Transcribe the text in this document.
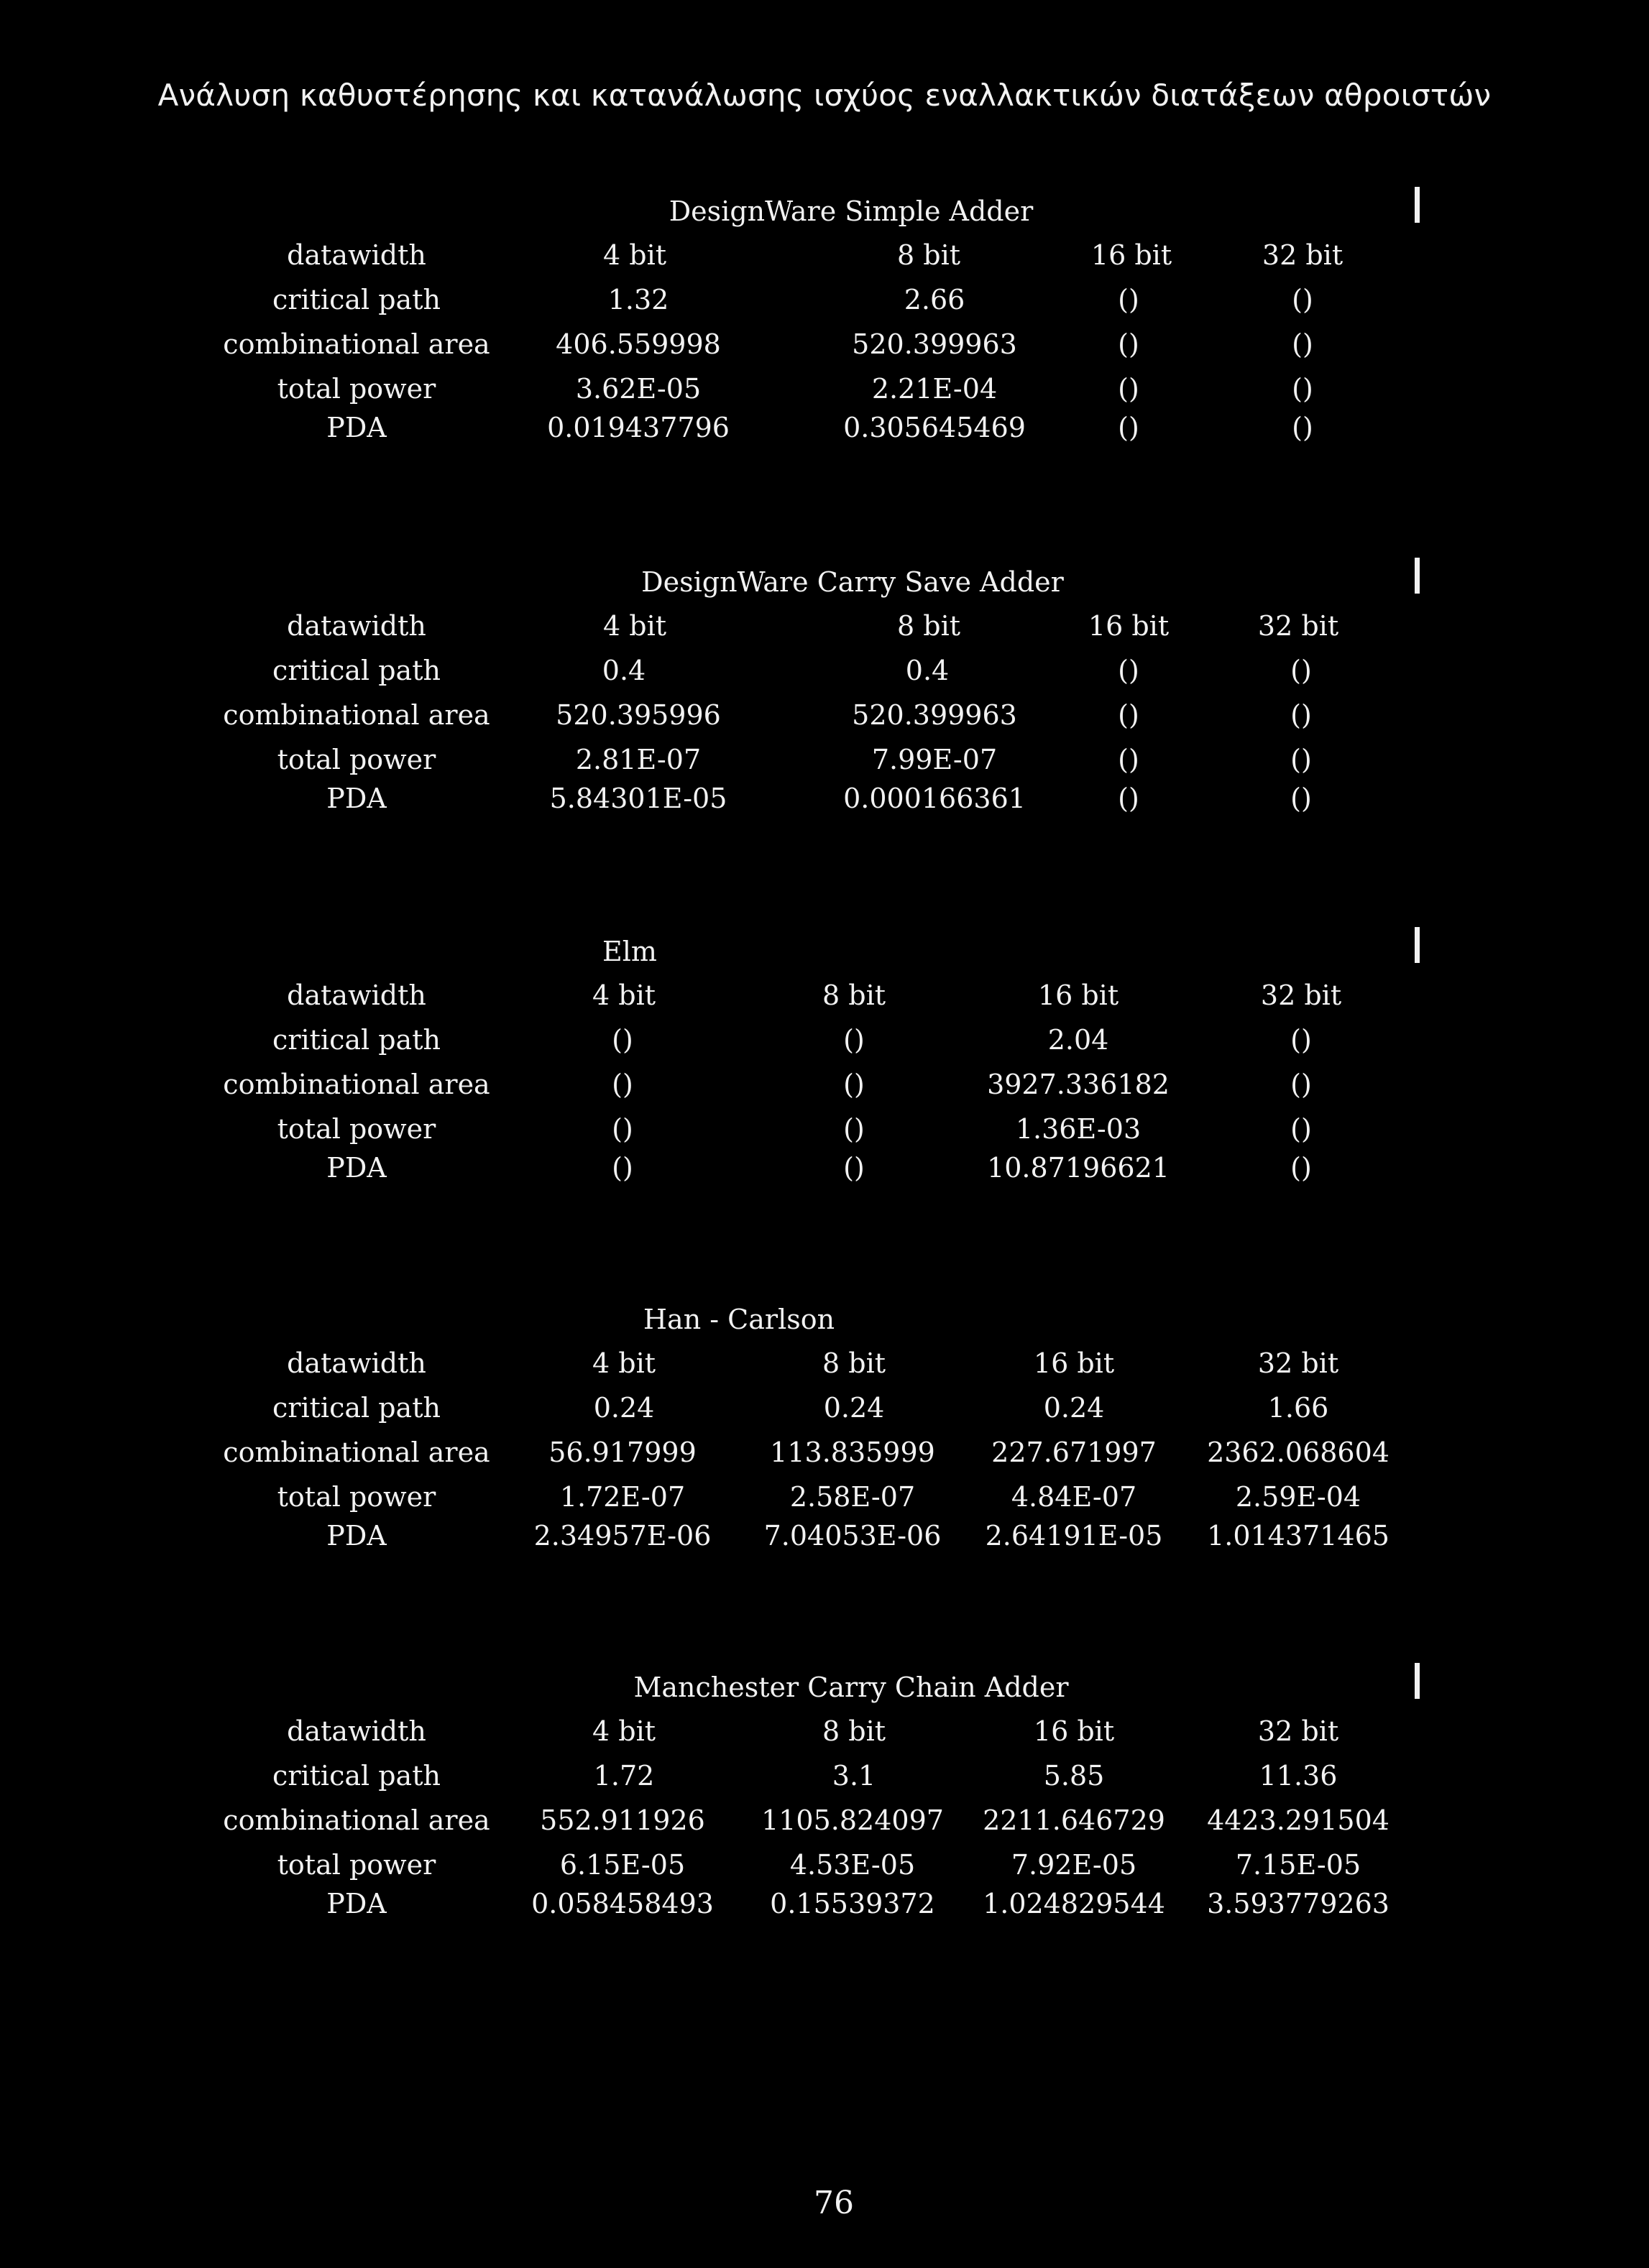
Ανάλυση καθυστέρησης και κατανάλωσης ισχύος εναλλακτικών διατάξεων αθροιστών
DesignWare Simple Adder
datawidth	4 bit	8 bit	16 bit	32 bit
critical path	1.32	2.66	()	()
combinational area 406.559998	520.399963	()	()
total power	3.62E-05	2.21E-04	()	()
PDA	0.019437796	0.305645469	()	()
DesignWare Carry Save Adder
datawidth	4 bit	8 bit	16 bit	32 bit
critical path	0.4	0.4	()	()
combinational area 520.395996	520.399963	()	()
total power	2.81E-07	7.99E-07	()	()
PDA	5.84301E-05	0.000166361	()	()
Elm
datawidth	4 bit	8 bit	16 bit	32 bit
critical path	()	()	2.04	()
combinational area	()	()	3927.336182	()
total power	()	()	1.36E-03	()
PDA	()	()	10.87196621	()
Han - Carlson
datawidth	4 bit	8 bit	16 bit	32 bit
critical path	0.24	0.24	0.24	1.66
combinational area 56.917999	113.835999 227.671997 2362.068604
total power	1.72E-07	2.58E-07	4.84E-07	2.59E-04
PDA	2.34957E-06 7.04053E-06 2.64191E-05 1.014371465
Manchester Carry Chain Adder
datawidth	4 bit	8 bit	16 bit	32 bit
critical path	1.72	3.1	5.85	11.36
combinational area 552.911926 1105.824097 2211.646729 4423.291504
total power	6.15E-05	4.53E-05	7.92E-05	7.15E-05
PDA	0.058458493 0.15539372 1.024829544 3.593779263
76
